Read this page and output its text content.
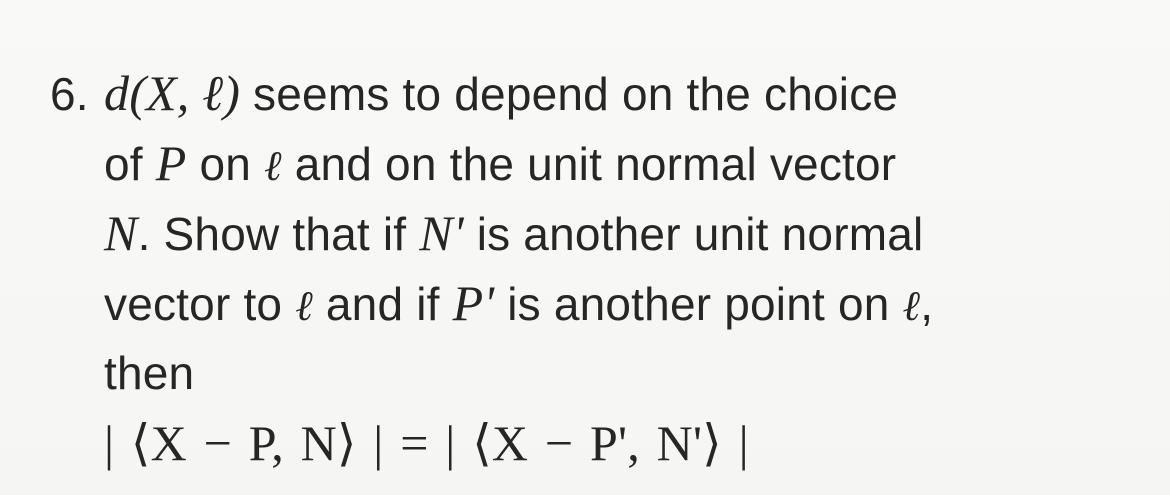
6. d(X, ℓ) seems to depend on the choice
of P on ℓ and on the unit normal vector
N. Show that if N' is another unit normal
vector to ℓ and if P' is another point on ℓ,
then
| ⟨X − P, N⟩ | = | ⟨X − P', N'⟩ |
